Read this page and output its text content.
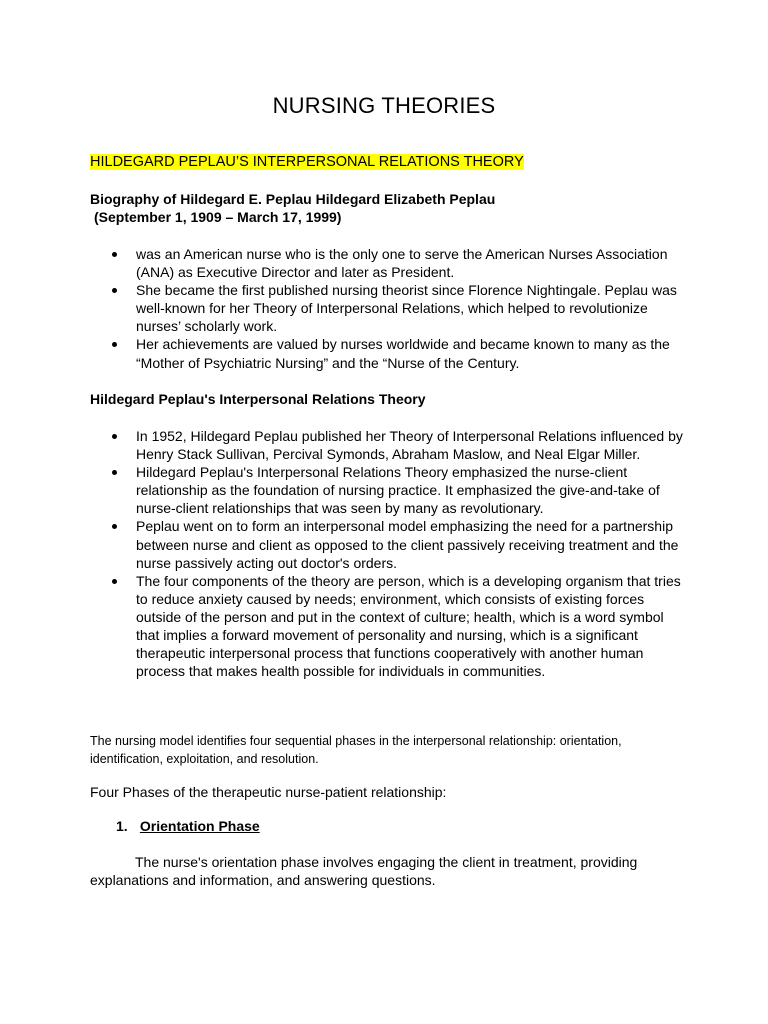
NURSING THEORIES
HILDEGARD PEPLAU’S INTERPERSONAL RELATIONS THEORY
Biography of Hildegard E. Peplau Hildegard Elizabeth Peplau
(September 1, 1909 – March 17, 1999)
was an American nurse who is the only one to serve the American Nurses Association (ANA) as Executive Director and later as President.
She became the first published nursing theorist since Florence Nightingale. Peplau was well-known for her Theory of Interpersonal Relations, which helped to revolutionize nurses’ scholarly work.
Her achievements are valued by nurses worldwide and became known to many as the “Mother of Psychiatric Nursing” and the “Nurse of the Century.
Hildegard Peplau's Interpersonal Relations Theory
In 1952, Hildegard Peplau published her Theory of Interpersonal Relations influenced by Henry Stack Sullivan, Percival Symonds, Abraham Maslow, and Neal Elgar Miller.
Hildegard Peplau's Interpersonal Relations Theory emphasized the nurse-client relationship as the foundation of nursing practice. It emphasized the give-and-take of nurse-client relationships that was seen by many as revolutionary.
Peplau went on to form an interpersonal model emphasizing the need for a partnership between nurse and client as opposed to the client passively receiving treatment and the nurse passively acting out doctor's orders.
The four components of the theory are person, which is a developing organism that tries to reduce anxiety caused by needs; environment, which consists of existing forces outside of the person and put in the context of culture; health, which is a word symbol that implies a forward movement of personality and nursing, which is a significant therapeutic interpersonal process that functions cooperatively with another human process that makes health possible for individuals in communities.
The nursing model identifies four sequential phases in the interpersonal relationship: orientation, identification, exploitation, and resolution.
Four Phases of the therapeutic nurse-patient relationship:
1. Orientation Phase
The nurse's orientation phase involves engaging the client in treatment, providing explanations and information, and answering questions.
